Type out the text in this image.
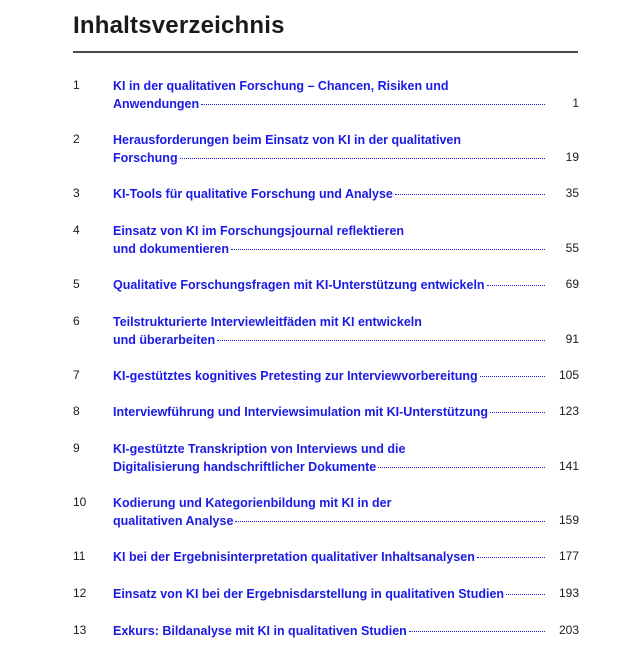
Inhaltsverzeichnis
1	KI in der qualitativen Forschung – Chancen, Risiken und
Anwendungen	1
2	Herausforderungen beim Einsatz von KI in der qualitativen
Forschung	19
3	KI-Tools für qualitative Forschung und Analyse	35
4	Einsatz von KI im Forschungsjournal reflektieren
und dokumentieren	55
5	Qualitative Forschungsfragen mit KI-Unterstützung entwickeln	69
6	Teilstrukturierte Interviewleitfäden mit KI entwickeln
und überarbeiten	91
7	KI-gestütztes kognitives Pretesting zur Interviewvorbereitung	105
8	Interviewführung und Interviewsimulation mit KI-Unterstützung	123
9	KI-gestützte Transkription von Interviews und die
Digitalisierung handschriftlicher Dokumente	141
10 Kodierung und Kategorienbildung mit KI in der
qualitativen Analyse	159
11 KI bei der Ergebnisinterpretation qualitativer Inhaltsanalysen	177
12 Einsatz von KI bei der Ergebnisdarstellung in qualitativen Studien	193
13 Exkurs: Bildanalyse mit KI in qualitativen Studien	203
